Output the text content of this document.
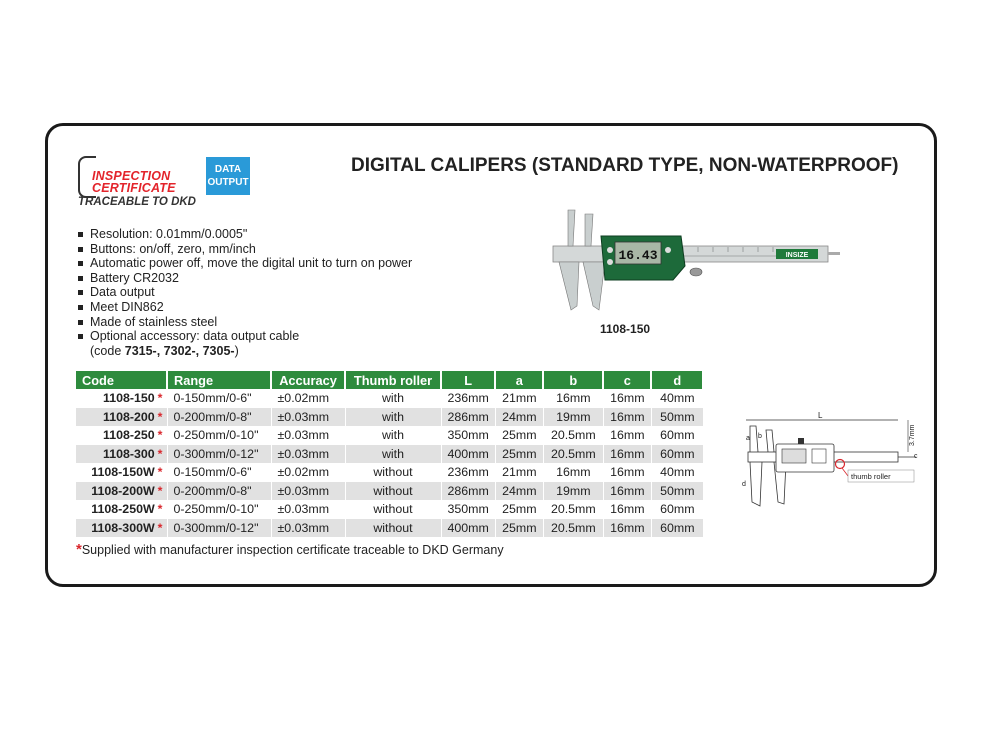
INSPECTION
CERTIFICATE
TRACEABLE TO DKD
DATA
OUTPUT
DIGITAL CALIPERS (STANDARD TYPE, NON-WATERPROOF)
Resolution: 0.01mm/0.0005"
Buttons: on/off, zero, mm/inch
Automatic power off, move the digital unit to turn on power
Battery CR2032
Data output
Meet DIN862
Made of stainless steel
Optional accessory: data output cable
(code 7315-, 7302-, 7305-)
INSIZE
16.43
1108-150
Code	Range	Accuracy	Thumb roller	L	a	b	c	d
1108-150 *	0-150mm/0-6"	±0.02mm	with	236mm	21mm	16mm	16mm	40mm
1108-200 *	0-200mm/0-8"	±0.03mm	with	286mm	24mm	19mm	16mm	50mm
1108-250 *	0-250mm/0-10"	±0.03mm	with	350mm	25mm	20.5mm	16mm	60mm
1108-300 *	0-300mm/0-12"	±0.03mm	with	400mm	25mm	20.5mm	16mm	60mm
1108-150W *	0-150mm/0-6"	±0.02mm	without	236mm	21mm	16mm	16mm	40mm
1108-200W *	0-200mm/0-8"	±0.03mm	without	286mm	24mm	19mm	16mm	50mm
1108-250W *	0-250mm/0-10"	±0.03mm	without	350mm	25mm	20.5mm	16mm	60mm
1108-300W *	0-300mm/0-12"	±0.03mm	without	400mm	25mm	20.5mm	16mm	60mm
L
b
a
d
thumb roller
3.7mm
c
*Supplied with manufacturer inspection certificate traceable to DKD Germany
